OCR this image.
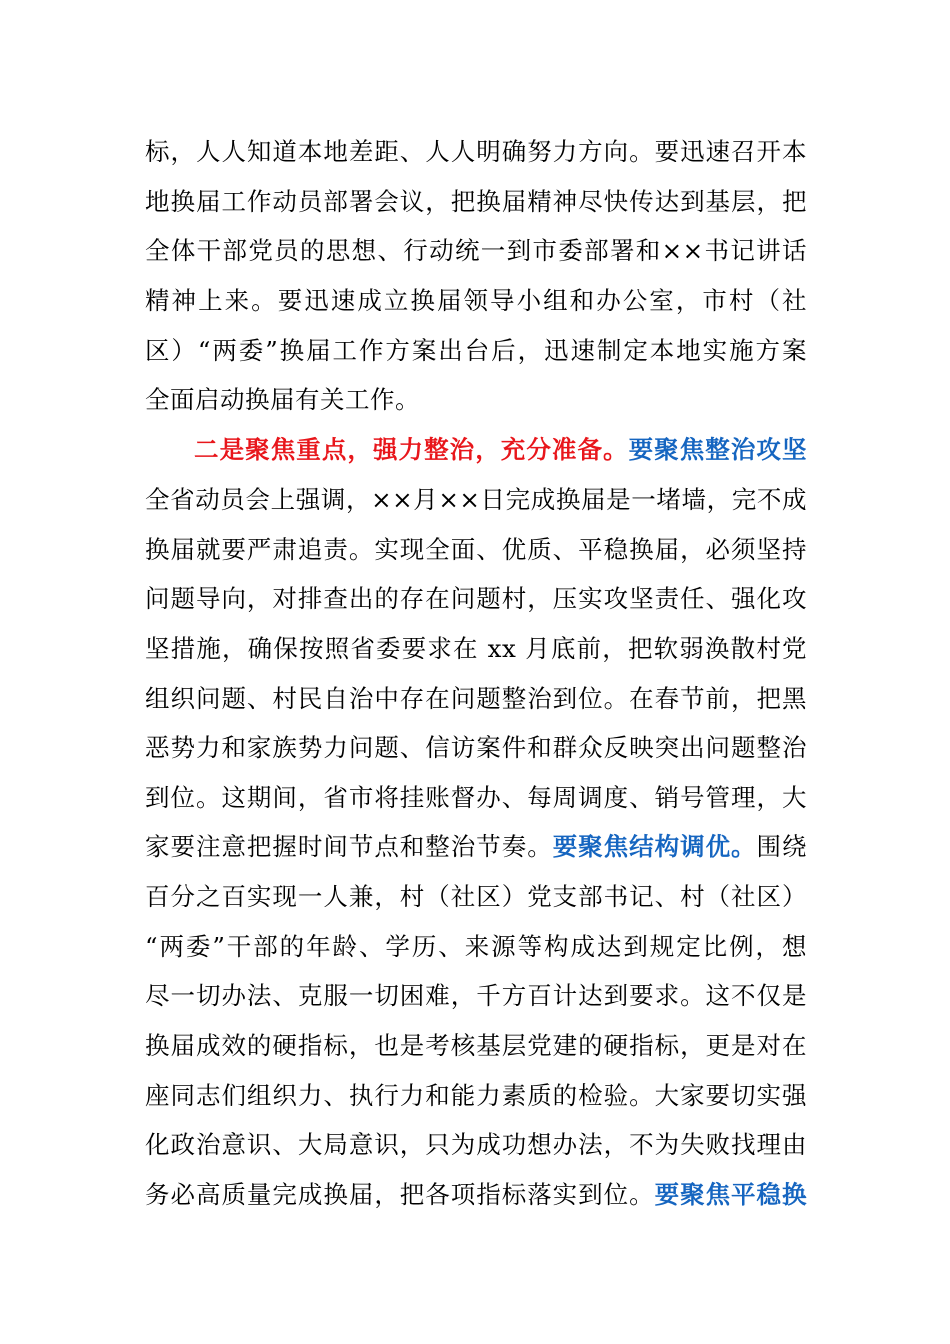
标，人人知道本地差距、人人明确努力方向。要迅速召开本
地换届工作动员部署会议，把换届精神尽快传达到基层，把
全体干部党员的思想、行动统一到市委部署和××书记讲话
精神上来。要迅速成立换届领导小组和办公室，市村（社
区）“两委”换届工作方案出台后，迅速制定本地实施方案
全面启动换届有关工作。
二是聚焦重点，强力整治，充分准备。要聚焦整治攻坚
全省动员会上强调，××月××日完成换届是一堵墙，完不成
换届就要严肃追责。实现全面、优质、平稳换届，必须坚持
问题导向，对排查出的存在问题村，压实攻坚责任、强化攻
坚措施，确保按照省委要求在 xx 月底前，把软弱涣散村党
组织问题、村民自治中存在问题整治到位。在春节前，把黑
恶势力和家族势力问题、信访案件和群众反映突出问题整治
到位。这期间，省市将挂账督办、每周调度、销号管理，大
家要注意把握时间节点和整治节奏。要聚焦结构调优。围绕
百分之百实现一人兼，村（社区）党支部书记、村（社区）
“两委”干部的年龄、学历、来源等构成达到规定比例，想
尽一切办法、克服一切困难，千方百计达到要求。这不仅是
换届成效的硬指标，也是考核基层党建的硬指标，更是对在
座同志们组织力、执行力和能力素质的检验。大家要切实强
化政治意识、大局意识，只为成功想办法，不为失败找理由
务必高质量完成换届，把各项指标落实到位。要聚焦平稳换
